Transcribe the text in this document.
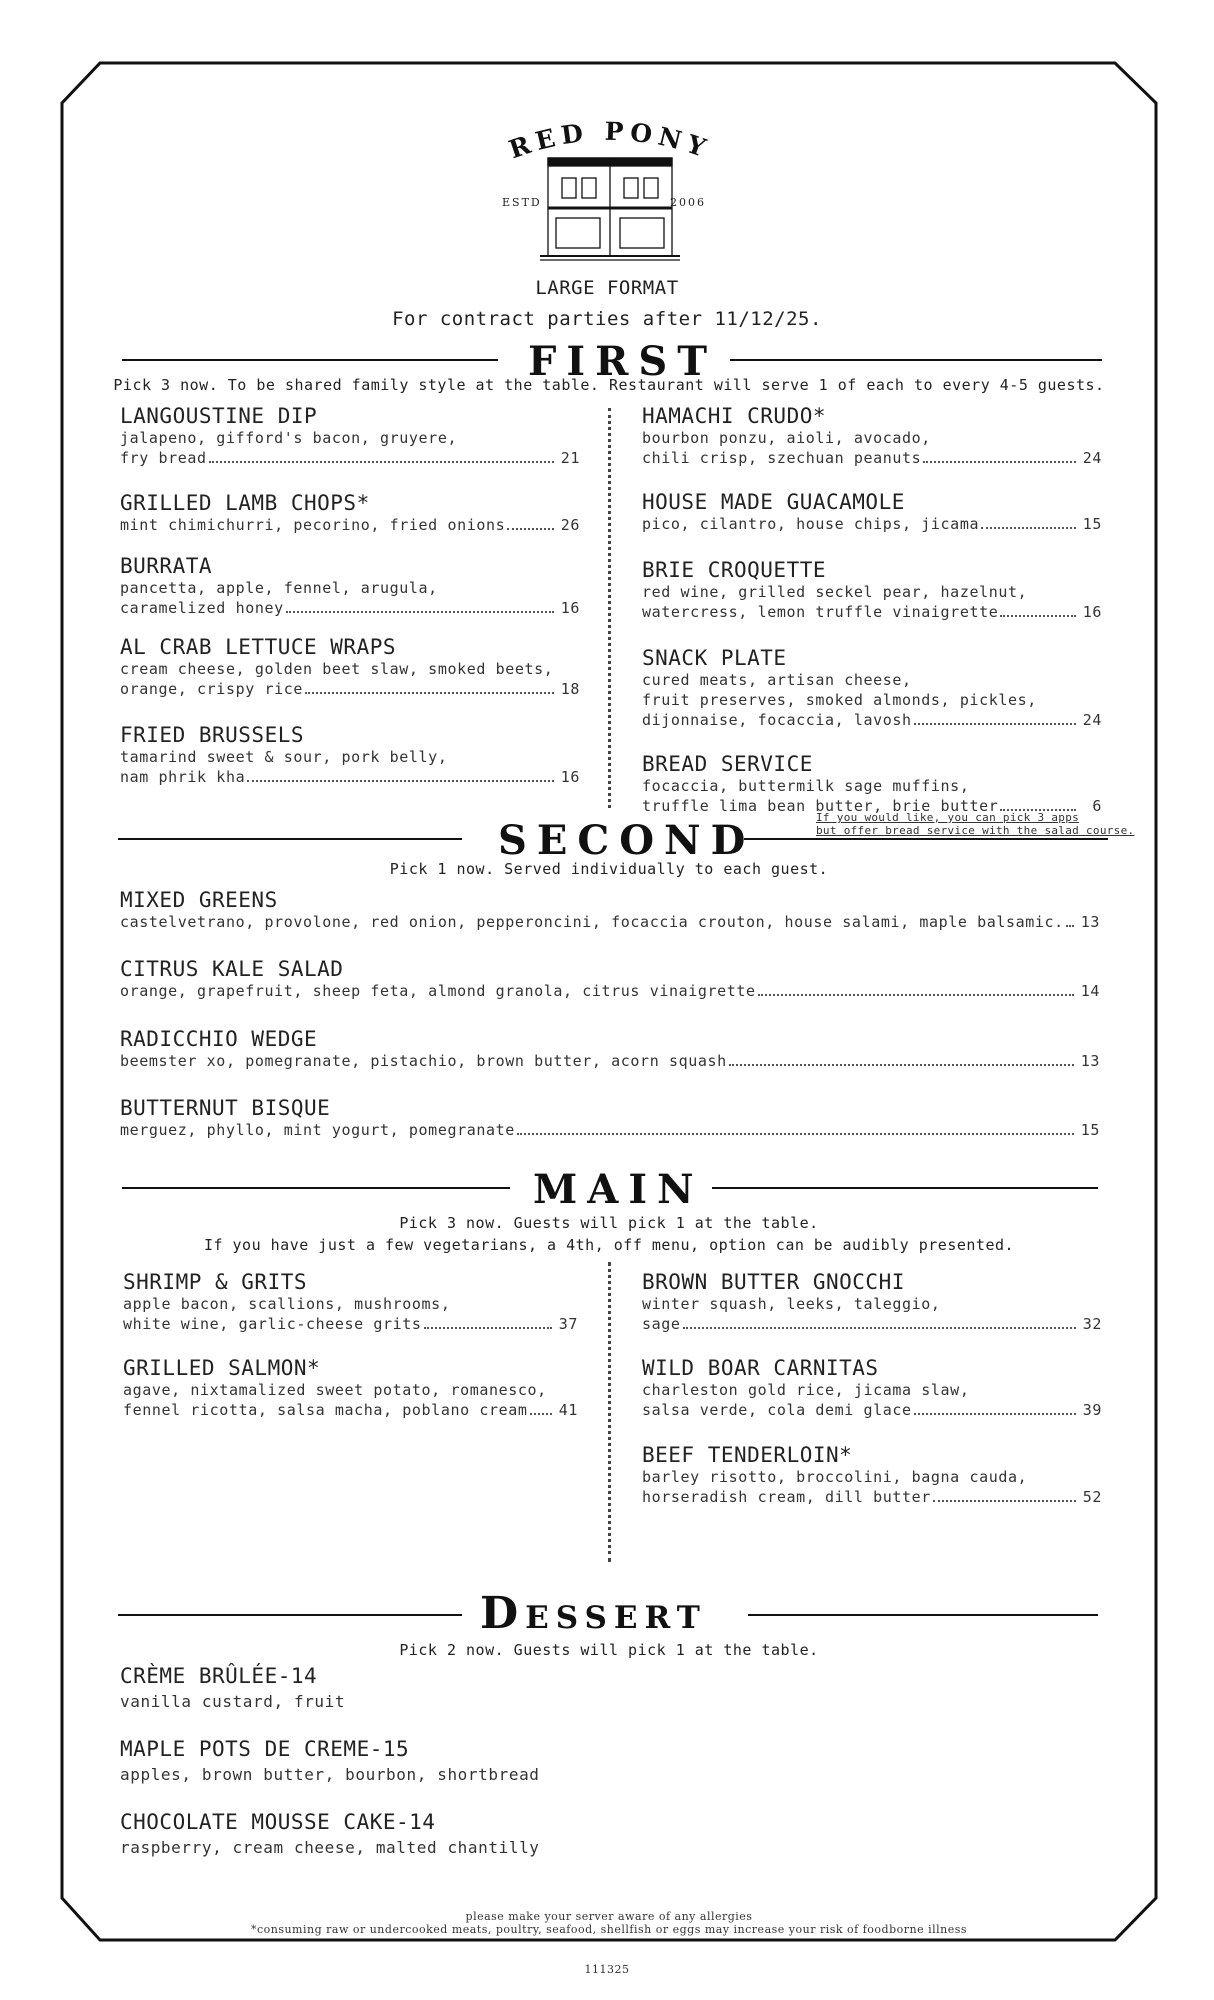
RED PONY
ESTD	2006
LARGE FORMAT
For contract parties after 11/12/25.
FIRST
Pick 3 now. To be shared family style at the table. Restaurant will serve 1 of each to every 4-5 guests.
LANGOUSTINE DIP
jalapeno, gifford's bacon, gruyere,
fry bread	21
GRILLED LAMB CHOPS*
mint chimichurri, pecorino, fried onions	26
BURRATA
pancetta, apple, fennel, arugula,
caramelized honey	16
AL CRAB LETTUCE WRAPS
cream cheese, golden beet slaw, smoked beets,
orange, crispy rice	18
FRIED BRUSSELS
tamarind sweet & sour, pork belly,
nam phrik kha	16
HAMACHI CRUDO*
bourbon ponzu, aioli, avocado,
chili crisp, szechuan peanuts	24
HOUSE MADE GUACAMOLE
pico, cilantro, house chips, jicama	15
BRIE CROQUETTE
red wine, grilled seckel pear, hazelnut,
watercress, lemon truffle vinaigrette	16
SNACK PLATE
cured meats, artisan cheese,
fruit preserves, smoked almonds, pickles,
dijonnaise, focaccia, lavosh	24
BREAD SERVICE
focaccia, buttermilk sage muffins,
truffle lima bean butter, brie butter	6
If you would like, you can pick 3 apps
but offer bread service with the salad course.
SECOND
Pick 1 now. Served individually to each guest.
MIXED GREENS
castelvetrano, provolone, red onion, pepperoncini, focaccia crouton, house salami, maple balsamic. 13
CITRUS KALE SALAD
orange, grapefruit, sheep feta, almond granola, citrus vinaigrette	14
RADICCHIO WEDGE
beemster xo, pomegranate, pistachio, brown butter, acorn squash	13
BUTTERNUT BISQUE
merguez, phyllo, mint yogurt, pomegranate	15
MAIN
Pick 3 now. Guests will pick 1 at the table.
If you have just a few vegetarians, a 4th, off menu, option can be audibly presented.
SHRIMP & GRITS
apple bacon, scallions, mushrooms,
white wine, garlic-cheese grits	37
GRILLED SALMON*
agave, nixtamalized sweet potato, romanesco,
fennel ricotta, salsa macha, poblano cream 41
BROWN BUTTER GNOCCHI
winter squash, leeks, taleggio,
sage	32
WILD BOAR CARNITAS
charleston gold rice, jicama slaw,
salsa verde, cola demi glace	39
BEEF TENDERLOIN*
barley risotto, broccolini, bagna cauda,
horseradish cream, dill butter	52
Dessert
Pick 2 now. Guests will pick 1 at the table.
CRÈME BRÛLÉE-14
vanilla custard, fruit
MAPLE POTS DE CREME-15
apples, brown butter, bourbon, shortbread
CHOCOLATE MOUSSE CAKE-14
raspberry, cream cheese, malted chantilly
please make your server aware of any allergies
*consuming raw or undercooked meats, poultry, seafood, shellfish or eggs may increase your risk of foodborne illness
111325
